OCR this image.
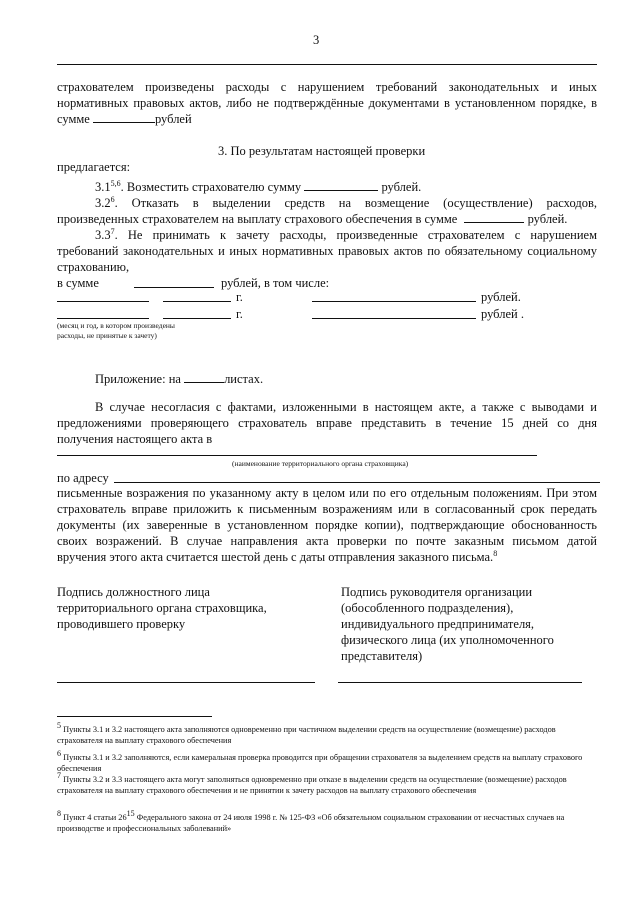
3
страхователем произведены расходы с нарушением требований законодательных и иных
нормативных правовых актов, либо не подтверждённые документами в установленном порядке, в
сумме	рублей
3. По результатам настоящей проверки
предлагается:
3.1$^{5,6}$. Возместить страхователю сумму	рублей.
$3.2^6$. Отказать в выделении средств на возмещение (осуществление) расходов,
произведенных страхователем на выплату страхового обеспечения в сумме	рублей.
$3.3^7$. Не принимать к зачету расходы, произведенные страхователем с нарушением
требований законодательных и иных нормативных правовых актов по обязательному социальному
страхованию,
в сумме	рублей, в том числе:
г.	рублей.
г.	рублей .
(месяц и год, в котором произведены
расходы, не принятые к зачету)
Приложение: на	листах.
В случае несогласия с фактами, изложенными в настоящем акте, а также с выводами и
предложениями проверяющего страхователь вправе представить в течение 15 дней со дня
получения настоящего акта в
(наименование территориального органа страховщика)
по адресу
письменные возражения по указанному акту в целом или по его отдельным положениям. При этом
страхователь вправе приложить к письменным возражениям или в согласованный срок передать
документы (их заверенные в установленном порядке копии), подтверждающие обоснованность
своих возражений. В случае направления акта проверки по почте заказным письмом датой
вручения этого акта считается шестой день с даты отправления заказного письма.$^8$
Подпись должностного лица
территориального органа страховщика,
проводившего проверку
Подпись руководителя организации
(обособленного подразделения),
индивидуального предпринимателя,
физического лица (их уполномоченного
представителя)
$^5$ Пункты 3.1 и 3.2 настоящего акта заполняются одновременно при частичном выделении средств на осуществление (возмещение) расходов страхователя на выплату страхового обеспечения
$^6$ Пункты 3.1 и 3.2 заполняются, если камеральная проверка проводится при обращении страхователя за выделением средств на выплату страхового обеспечения
$^7$ Пункты 3.2 и 3.3 настоящего акта могут заполняться одновременно при отказе в выделении средств на осуществление (возмещение) расходов страхователя на выплату страхового обеспечения и не принятии к зачету расходов на выплату страхового обеспечения
$^8$ Пункт 4 статьи $26^{15}$ Федерального закона от 24 июля 1998 г. № 125-ФЗ «Об обязательном социальном страховании от несчастных случаев на производстве и профессиональных заболеваний»
